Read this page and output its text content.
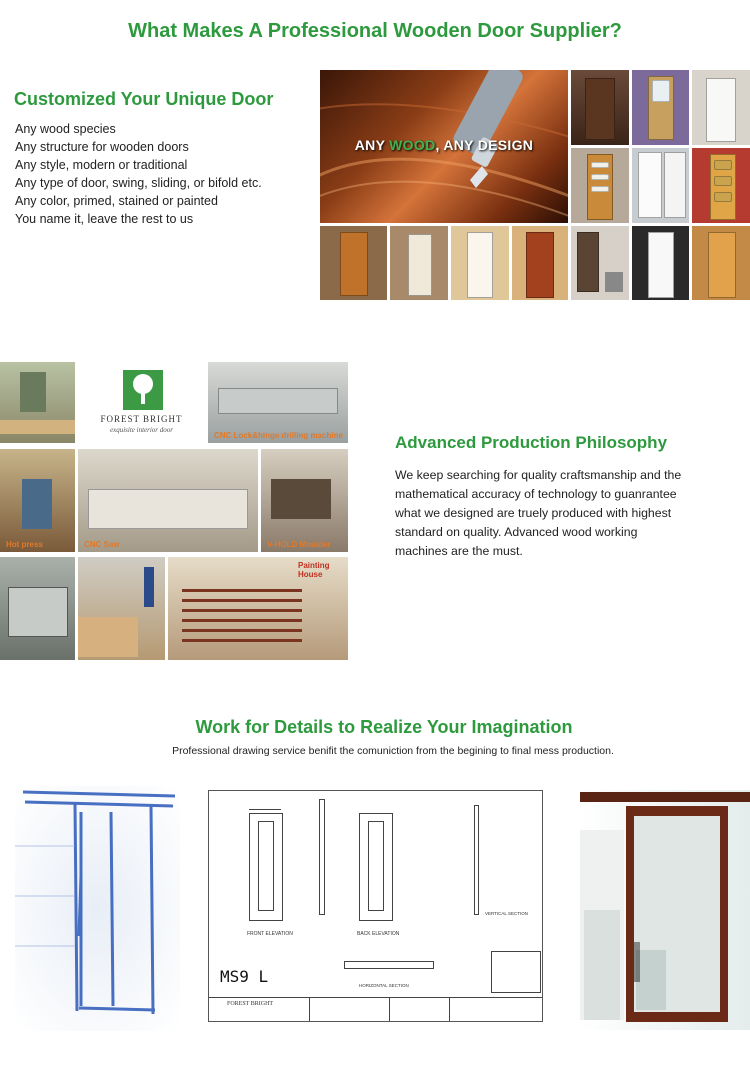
What Makes A Professional Wooden Door Supplier?
Customized Your Unique Door
Any wood species
Any structure for wooden doors
Any style, modern or traditional
Any type of door, swing, sliding, or bifold etc.
Any color, primed, stained or painted
You name it, leave the rest to us
ANY WOOD, ANY DESIGN
FOREST BRIGHT
exquisite interior door
CNC Lock&hinge drilling machine
Hot press	CNC Saw	V-HOLD Moulder
Painting House
Advanced Production Philosophy

We keep searching for quality craftsmanship and the mathematical accuracy of technology to guanrantee what we designed are truely produced with highest standard on quality. Advanced wood working machines are the must.

Work for Details to Realize Your Imagination

Professional drawing service benifit the comuniction from the begining to final mess production.

FRONT ELEVATION	BACK ELEVATION
VERTICAL SECTION
HORIZONTAL SECTION
MS9 L
FOREST BRIGHT
